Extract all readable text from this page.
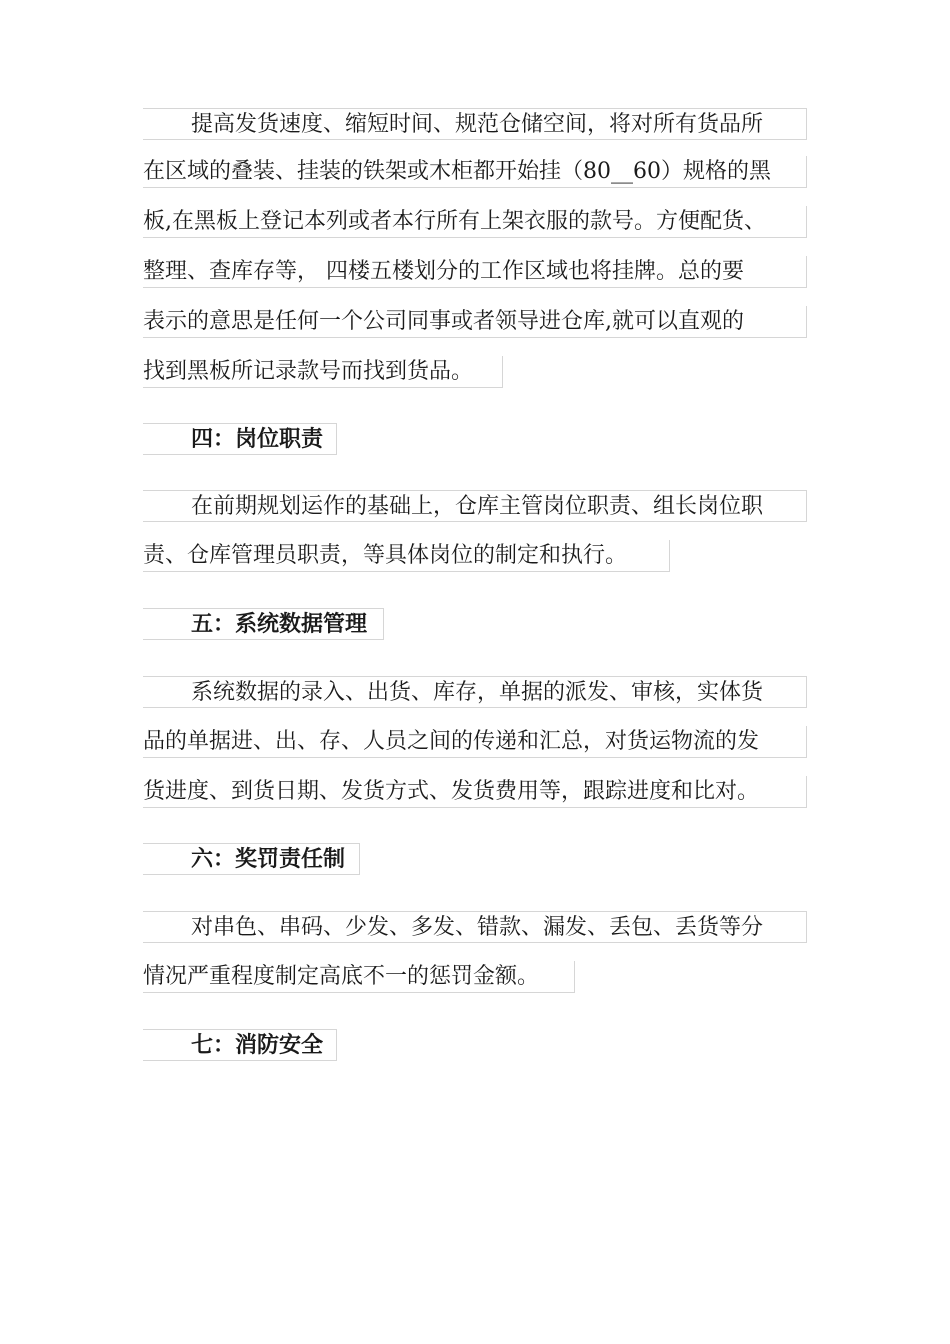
提高发货速度、缩短时间、规范仓储空间，将对所有货品所
在区域的叠装、挂装的铁架或木柜都开始挂（80__60）规格的黑
板,在黑板上登记本列或者本行所有上架衣服的款号。方便配货、
整理、查库存等， 四楼五楼划分的工作区域也将挂牌。总的要
表示的意思是任何一个公司同事或者领导进仓库,就可以直观的
找到黑板所记录款号而找到货品。
四：岗位职责
在前期规划运作的基础上，仓库主管岗位职责、组长岗位职
责、仓库管理员职责，等具体岗位的制定和执行。
五：系统数据管理
系统数据的录入、出货、库存，单据的派发、审核，实体货
品的单据进、出、存、人员之间的传递和汇总，对货运物流的发
货进度、到货日期、发货方式、发货费用等，跟踪进度和比对。
六：奖罚责任制
对串色、串码、少发、多发、错款、漏发、丢包、丢货等分
情况严重程度制定高底不一的惩罚金额。
七：消防安全
